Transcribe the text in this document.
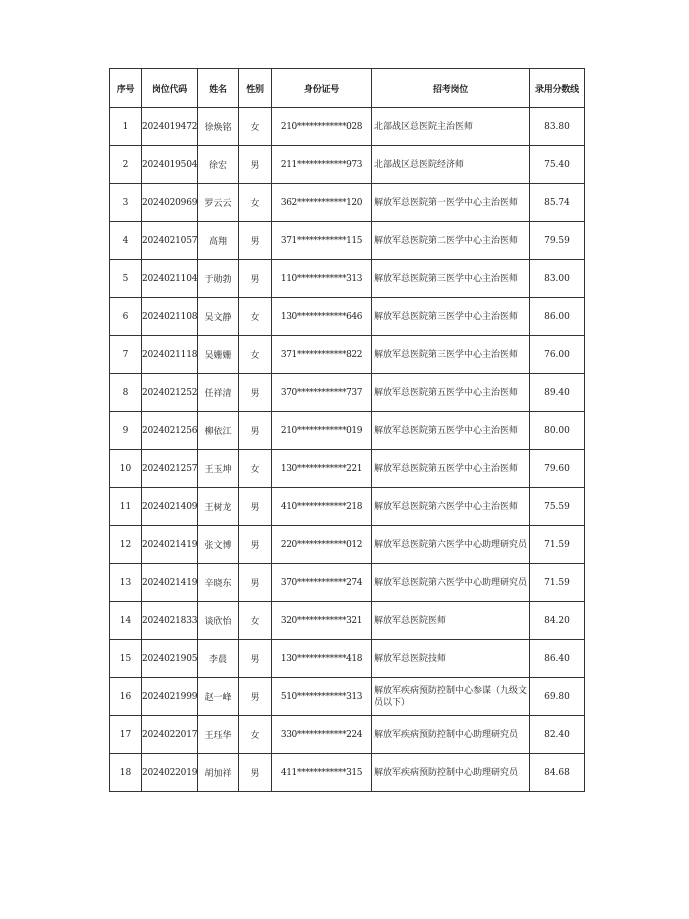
序号	岗位代码	姓名	性别	身份证号	招考岗位	录用分数线
1	2024019472	徐焕铭	女	210************028	北部战区总医院主治医师	83.80
2	2024019504	徐宏	男	211************973	北部战区总医院经济师	75.40
3	2024020969	罗云云	女	362************120	解放军总医院第一医学中心主治医师	85.74
4	2024021057	高翔	男	371************115	解放军总医院第二医学中心主治医师	79.59
5	2024021104	于勋勃	男	110************313	解放军总医院第三医学中心主治医师	83.00
6	2024021108	吴文静	女	130************646	解放军总医院第三医学中心主治医师	86.00
7	2024021118	吴姗姗	女	371************822	解放军总医院第三医学中心主治医师	76.00
8	2024021252	任祥清	男	370************737	解放军总医院第五医学中心主治医师	89.40
9	2024021256	柳依江	男	210************019	解放军总医院第五医学中心主治医师	80.00
10	2024021257	王玉坤	女	130************221	解放军总医院第五医学中心主治医师	79.60
11	2024021409	王树龙	男	410************218	解放军总医院第六医学中心主治医师	75.59
12	2024021419	张文博	男	220************012	解放军总医院第六医学中心助理研究员	71.59
13	2024021419	辛晓东	男	370************274	解放军总医院第六医学中心助理研究员	71.59
14	2024021833	谈欣怡	女	320************321	解放军总医院医师	84.20
15	2024021905	李晨	男	130************418	解放军总医院技师	86.40
16	2024021999	赵一峰	男	510************313	解放军疾病预防控制中心参谋（九级文员以下）	69.80
17	2024022017	王珏华	女	330************224	解放军疾病预防控制中心助理研究员	82.40
18	2024022019	胡加祥	男	411************315	解放军疾病预防控制中心助理研究员	84.68
